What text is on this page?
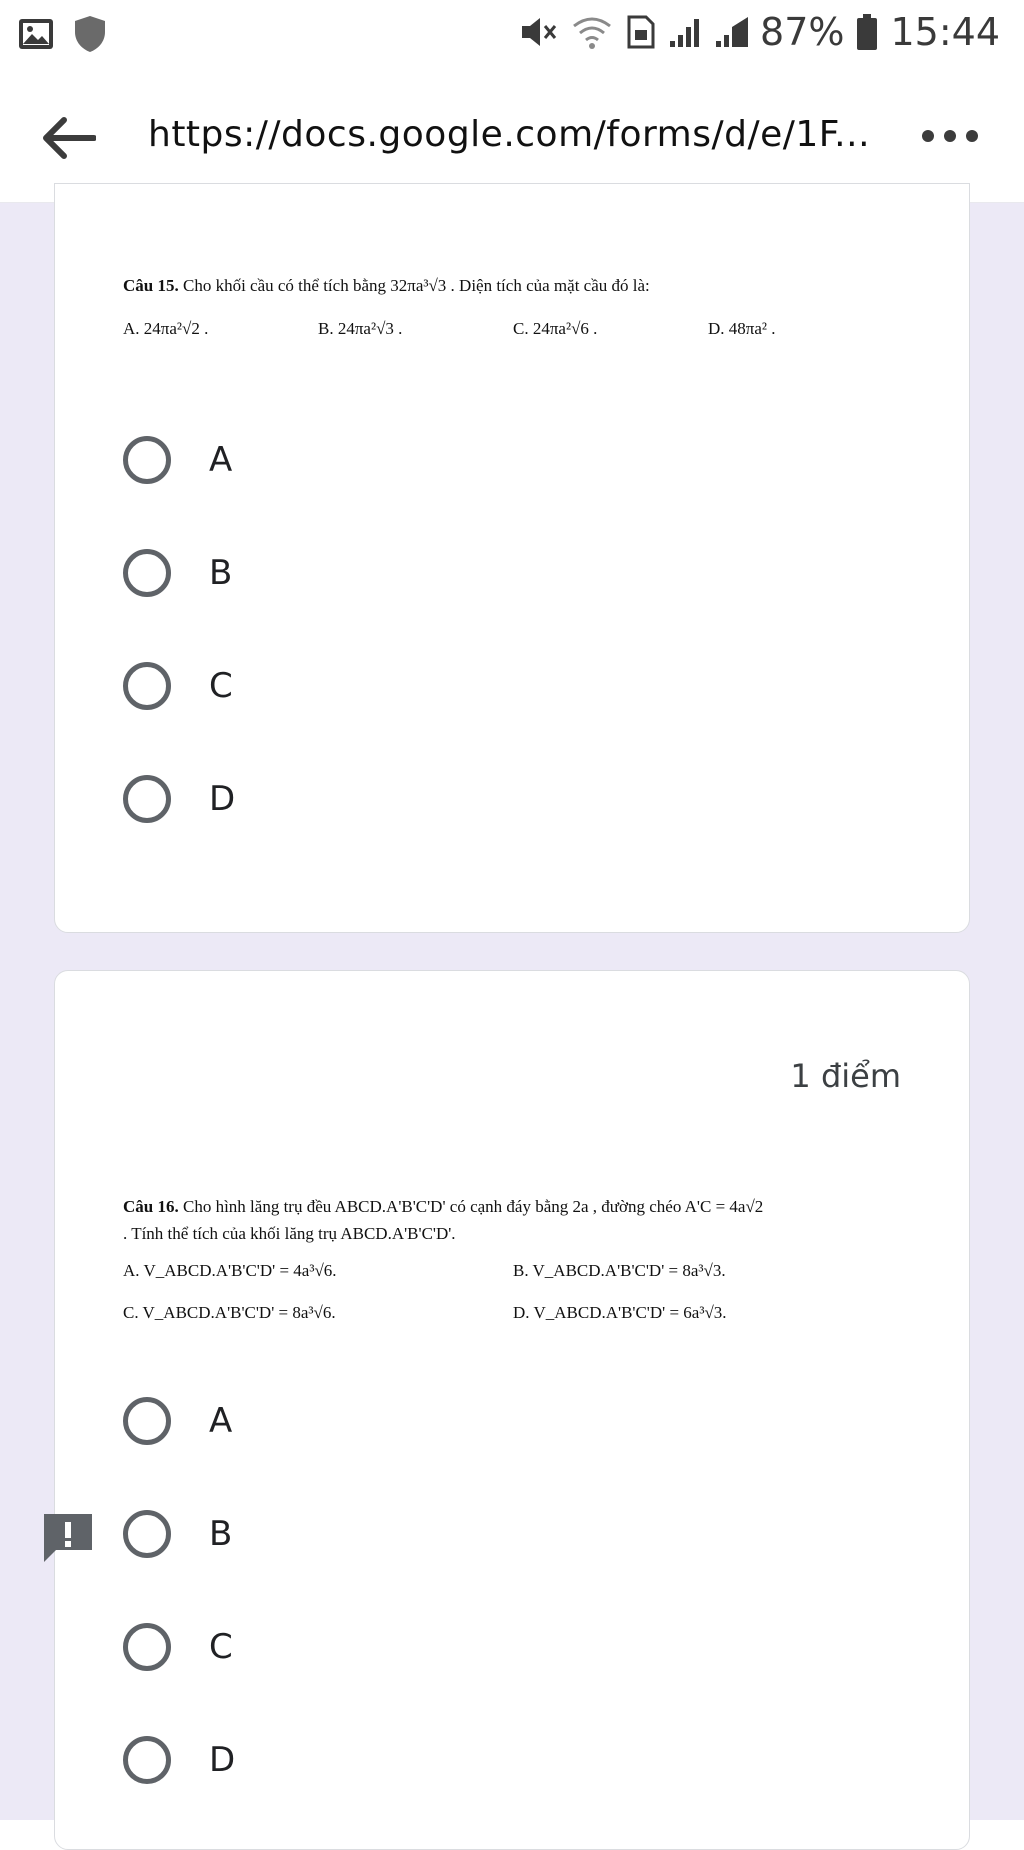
87% 15:44
https://docs.google.com/forms/d/e/1F...
Câu 15. Cho khối cầu có thể tích bằng 32πa³√3 . Diện tích của mặt cầu đó là:
A. 24πa²√2 .	B. 24πa²√3 .	C. 24πa²√6 .	D. 48πa² .
A
B
C
D
1 điểm
Câu 16. Cho hình lăng trụ đều ABCD.A'B'C'D' có cạnh đáy bằng 2a , đường chéo A'C = 4a√2
. Tính thể tích của khối lăng trụ ABCD.A'B'C'D'.
A. V_ABCD.A'B'C'D' = 4a³√6.	B. V_ABCD.A'B'C'D' = 8a³√3.
C. V_ABCD.A'B'C'D' = 8a³√6.	D. V_ABCD.A'B'C'D' = 6a³√3.
A
B
C
D
